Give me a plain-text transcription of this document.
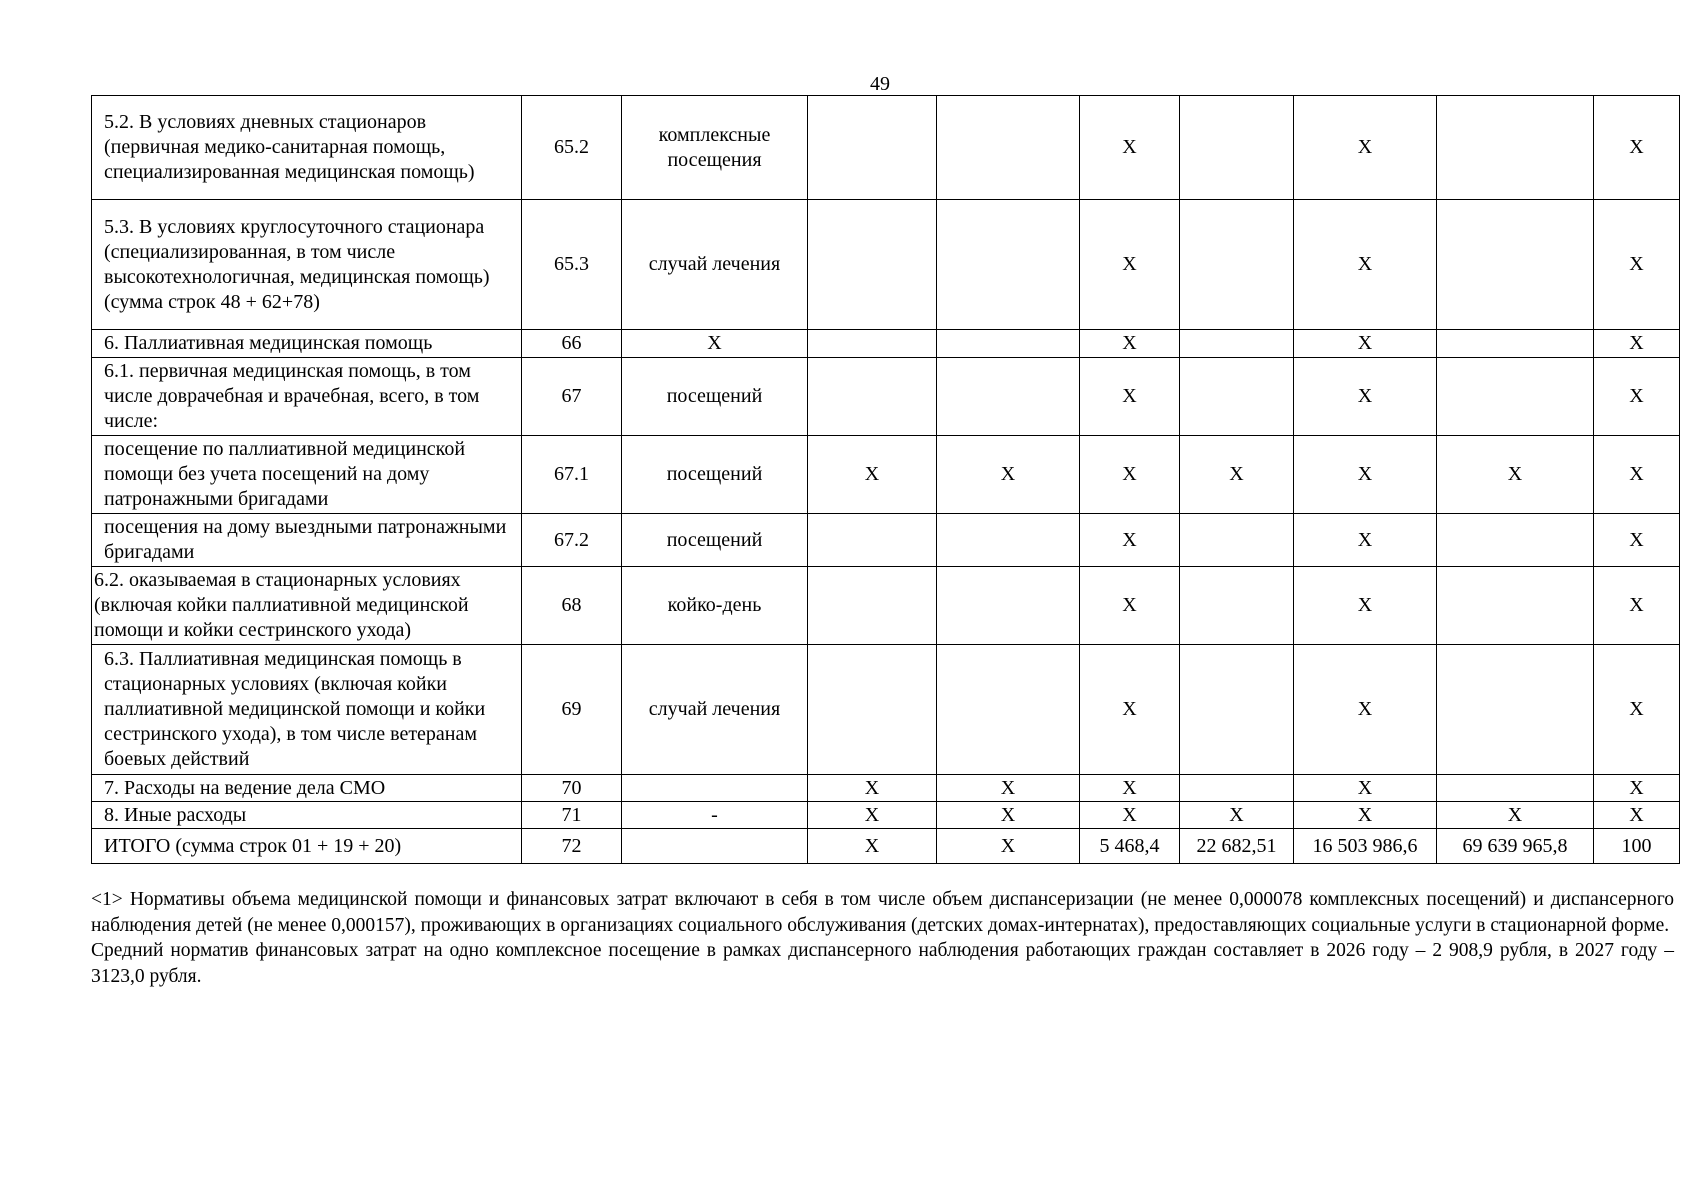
49
5.2. В условиях дневных стационаров (первичная медико-санитарная помощь, специализированная медицинская помощь)	65.2	комплексные посещения			Х		Х		Х
5.3. В условиях круглосуточного стационара (специализированная, в том числе высокотехнологичная, медицинская помощь) (сумма строк 48 + 62+78)	65.3	случай лечения			Х		Х		Х
6. Паллиативная медицинская помощь	66	Х			Х		Х		Х
6.1. первичная медицинская помощь, в том числе доврачебная и врачебная, всего, в том числе:	67	посещений			Х		Х		Х
посещение по паллиативной медицинской помощи без учета посещений на дому патронажными бригадами	67.1	посещений	Х	Х	Х	Х	Х	Х	Х
посещения на дому выездными патронажными бригадами	67.2	посещений			Х		Х		Х
6.2. оказываемая в стационарных условиях (включая койки паллиативной медицинской помощи и койки сестринского ухода)	68	койко-день			Х		Х		Х
6.3. Паллиативная медицинская помощь в стационарных условиях (включая койки паллиативной медицинской помощи и койки сестринского ухода), в том числе ветеранам боевых действий	69	случай лечения			Х		Х		Х
7. Расходы на ведение дела СМО	70		Х	Х	Х		Х		Х
8. Иные расходы	71	-	Х	Х	Х	Х	Х	Х	Х
ИТОГО (сумма строк 01 + 19 + 20)	72		Х	Х	5 468,4	22 682,51	16 503 986,6	69 639 965,8	100

<1> Нормативы объема медицинской помощи и финансовых затрат включают в себя в том числе объем диспансеризации (не менее 0,000078 комплексных посещений) и диспансерного наблюдения детей (не менее 0,000157), проживающих в организациях социального обслуживания (детских домах-интернатах), предоставляющих социальные услуги в стационарной форме.

Средний норматив финансовых затрат на одно комплексное посещение в рамках диспансерного наблюдения работающих граждан составляет в 2026 году – 2 908,9 рубля, в 2027 году – 3123,0 рубля.
